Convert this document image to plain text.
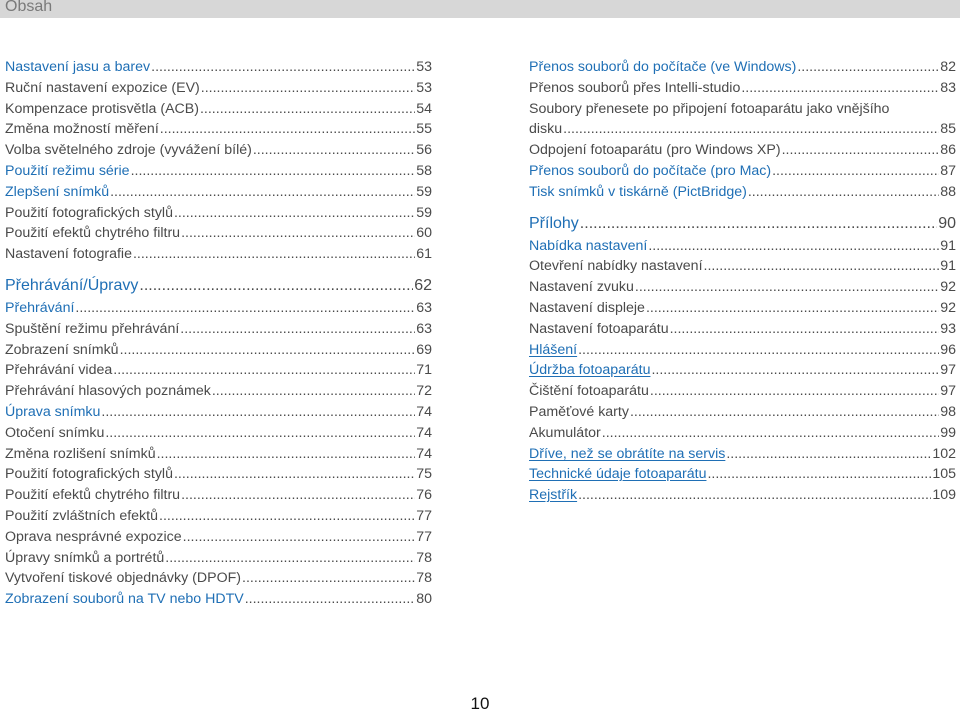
Obsah
Nastavení jasu a barev .....	53
Ruční nastavení expozice (EV) .....	53
Kompenzace protisvětla (ACB) .....	54
Změna možností měření .....	55
Volba světelného zdroje (vyvážení bílé) .....	56
Použití režimu série .....	58
Zlepšení snímků .....	59
Použití fotografických stylů .....	59
Použití efektů chytrého filtru .....	60
Nastavení fotografie .....	61
Přehrávání/Úpravy .....	62
Přehrávání .....	63
Spuštění režimu přehrávání .....	63
Zobrazení snímků .....	69
Přehrávání videa .....	71
Přehrávání hlasových poznámek .....	72
Úprava snímku .....	74
Otočení snímku .....	74
Změna rozlišení snímků .....	74
Použití fotografických stylů .....	75
Použití efektů chytrého filtru .....	76
Použití zvláštních efektů .....	77
Oprava nesprávné expozice .....	77
Úpravy snímků a portrétů .....	78
Vytvoření tiskové objednávky (DPOF) .....	78
Zobrazení souborů na TV nebo HDTV .....	80
Přenos souborů do počítače (ve Windows) .....	82
Přenos souborů přes Intelli-studio .....	83
Soubory přenesete po připojení fotoaparátu jako vnějšího
disku .....	85
Odpojení fotoaparátu (pro Windows XP) .....	86
Přenos souborů do počítače (pro Mac) .....	87
Tisk snímků v tiskárně (PictBridge) .....	88
Přílohy .....	90
Nabídka nastavení .....	91
Otevření nabídky nastavení .....	91
Nastavení zvuku .....	92
Nastavení displeje .....	92
Nastavení fotoaparátu .....	93
Hlášení .....	96
Údržba fotoaparátu .....	97
Čištění fotoaparátu .....	97
Paměťové karty .....	98
Akumulátor .....	99
Dříve, než se obrátíte na servis .....	102
Technické údaje fotoaparátu .....	105
Rejstřík .....	109
10
